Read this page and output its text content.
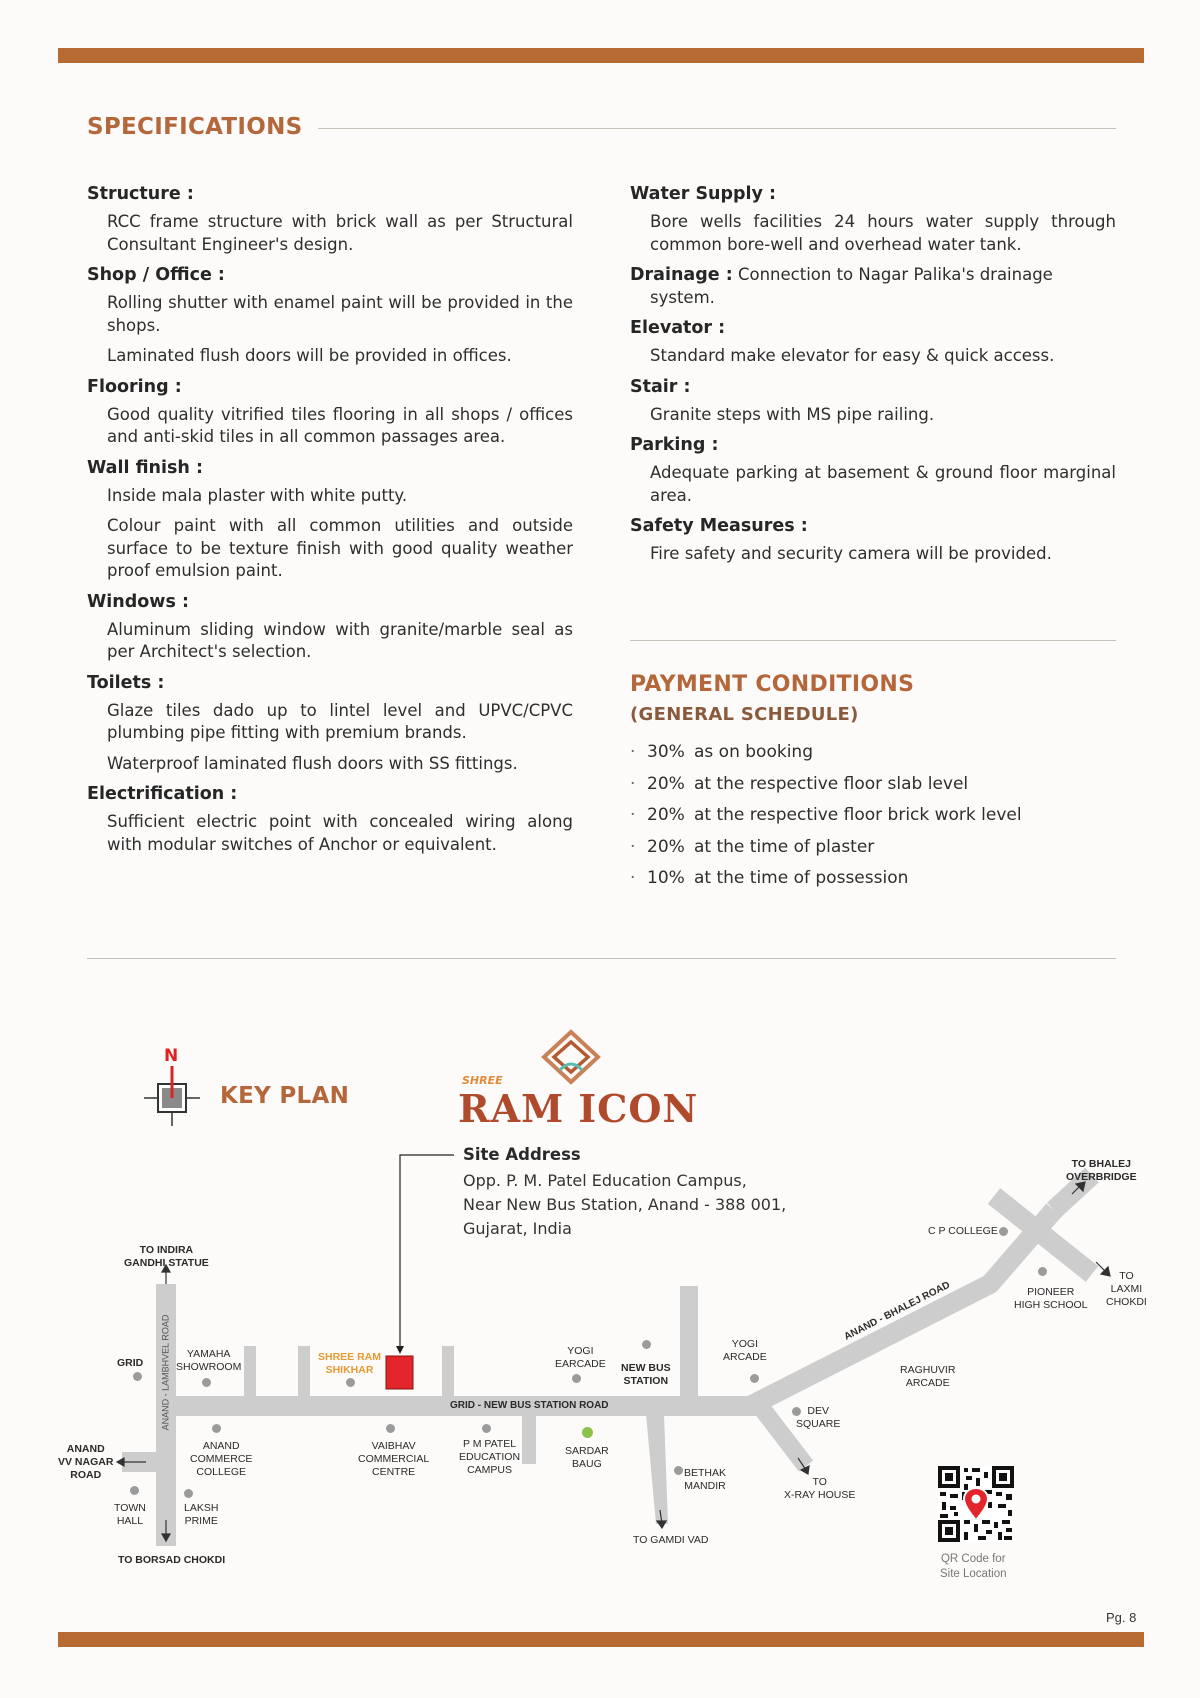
SPECIFICATIONS
Structure :
RCC frame structure with brick wall as per Structural Consultant Engineer's design.
Shop / Office :
Rolling shutter with enamel paint will be provided in the shops.
Laminated flush doors will be provided in offices.
Flooring :
Good quality vitrified tiles flooring in all shops / offices and anti-skid tiles in all common passages area.
Wall finish :
Inside mala plaster with white putty.
Colour paint with all common utilities and outside surface to be texture finish with good quality weather proof emulsion paint.
Windows :
Aluminum sliding window with granite/marble seal as per Architect's selection.
Toilets :
Glaze tiles dado up to lintel level and UPVC/CPVC plumbing pipe fitting with premium brands.
Waterproof laminated flush doors with SS fittings.
Electrification :
Sufficient electric point with concealed wiring along with modular switches of Anchor or equivalent.
Water Supply :
Bore wells facilities 24 hours water supply through common bore-well and overhead water tank.
Drainage : Connection to Nagar Palika's drainage
system.
Elevator :
Standard make elevator for easy & quick access.
Stair :
Granite steps with MS pipe railing.
Parking :
Adequate parking at basement & ground floor marginal area.
Safety Measures :
Fire safety and security camera will be provided.
PAYMENT CONDITIONS
(GENERAL SCHEDULE)
· 30% as on booking
· 20% at the respective floor slab level
· 20% at the respective floor brick work level
· 20% at the time of plaster
· 10% at the time of possession
N
KEY PLAN
SHREE
RAM ICON
Site Address
Opp. P. M. Patel Education Campus,
Near New Bus Station, Anand - 388 001,
Gujarat, India
TO INDIRA
GANDHI STATUE
GRID ANAND - LAMBHVEL ROAD	YAMAHA
SHOWROOM
SHREE RAM
SHIKHAR
YOGI
EARCADE NEW BUS
STATION
YOGI
ARCADE
GRID - NEW BUS STATION ROAD
ANAND
VV NAGAR
ROAD
ANAND
COMMERCE
COLLEGE
VAIBHAV
COMMERCIAL
CENTRE
P M PATEL
EDUCATION
CAMPUS
SARDAR
BAUG
BETHAK
MANDIR
TOWN
HALL
LAKSH
PRIME
TO BORSAD CHOKDI
TO GAMDI VAD
DEV
SQUARE
TO
X-RAY HOUSE
RAGHUVIR
ARCADE
ANAND - BHALEJ ROAD	PIONEER
HIGH SCHOOL
TO
LAXMI
CHOKDI
C P COLLEGE
TO BHALEJ
OVERBRIDGE
QR Code for
Site Location
Pg. 8
